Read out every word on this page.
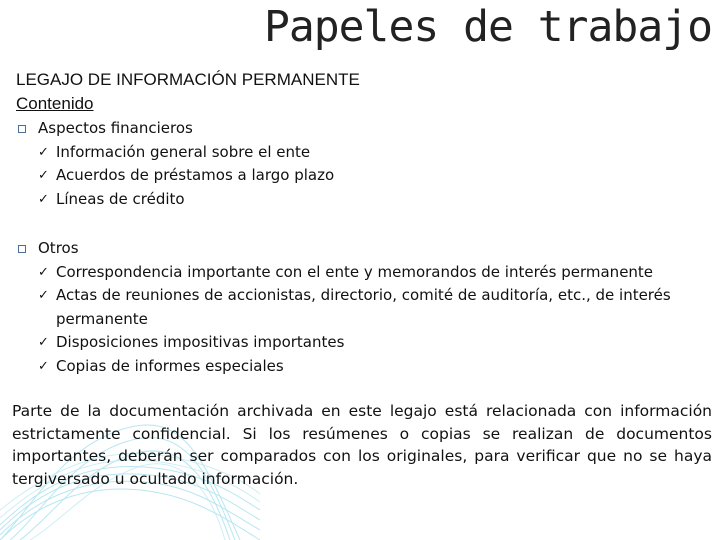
Papeles de trabajo
LEGAJO DE INFORMACIÓN PERMANENTE
Contenido
Aspectos financieros
✓ Información general sobre el ente
✓ Acuerdos de préstamos a largo plazo
✓ Líneas de crédito
Otros
✓ Correspondencia importante con el ente y memorandos de interés permanente
✓ Actas de reuniones de accionistas, directorio, comité de auditoría, etc., de interés permanente
✓ Disposiciones impositivas importantes
✓ Copias de informes especiales
Parte de la documentación archivada en este legajo está relacionada con información estrictamente confidencial. Si los resúmenes o copias se realizan de documentos importantes, deberán ser comparados con los originales, para verificar que no se haya tergiversado u ocultado información.
